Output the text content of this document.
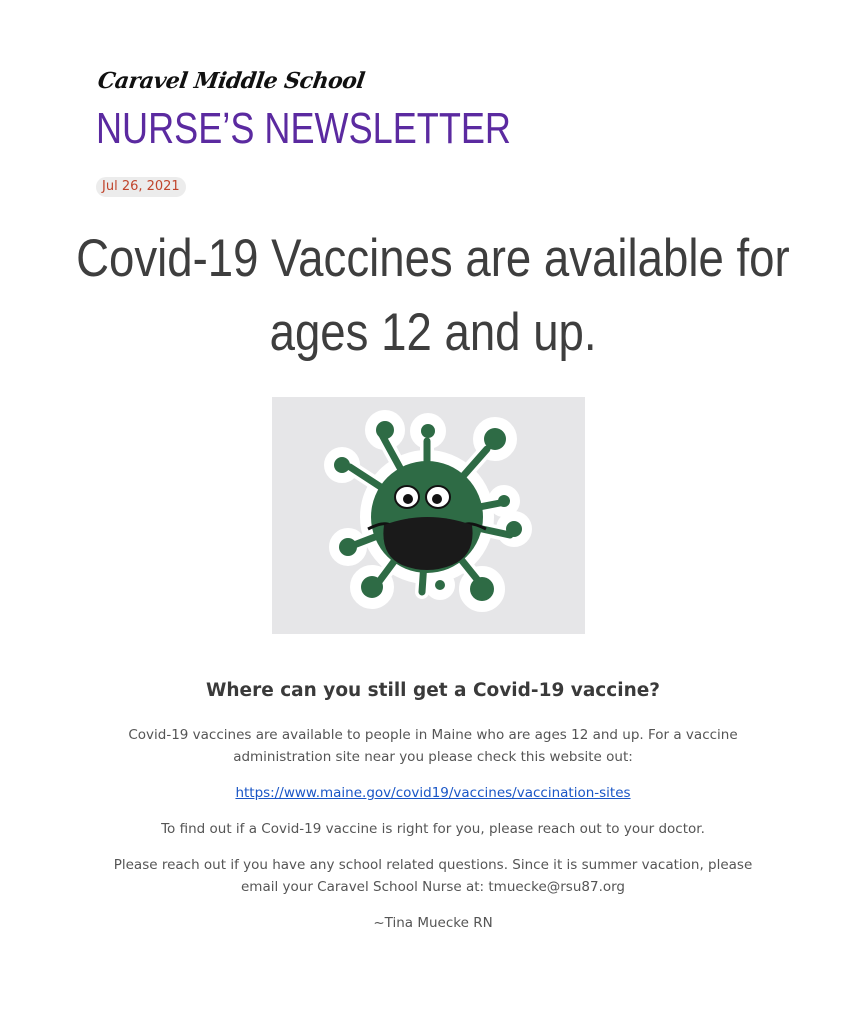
Caravel Middle School
NURSE’S NEWSLETTER
Jul 26, 2021
Covid-19 Vaccines are available for
ages 12 and up.
Where can you still get a Covid-19 vaccine?

Covid-19 vaccines are available to people in Maine who are ages 12 and up. For a vaccine administration site near you please check this website out:

https://www.maine.gov/covid19/vaccines/vaccination-sites

To find out if a Covid-19 vaccine is right for you, please reach out to your doctor.

Please reach out if you have any school related questions. Since it is summer vacation, please email your Caravel School Nurse at: tmuecke@rsu87.org

~Tina Muecke RN
